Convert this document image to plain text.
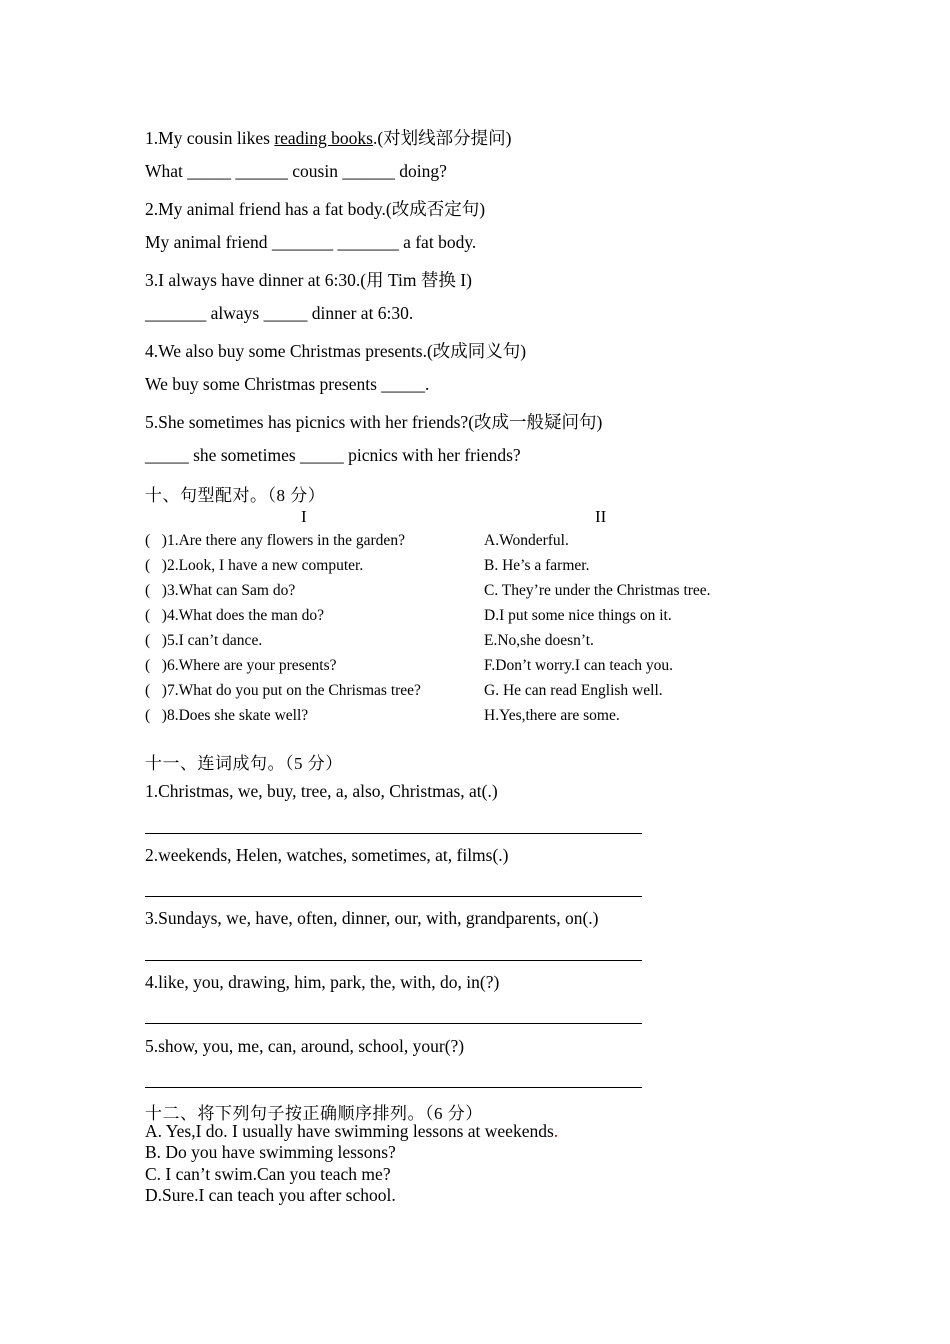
1.My cousin likes reading books.(对划线部分提问)
What _____ ______ cousin ______ doing?
2.My animal friend has a fat body.(改成否定句)
My animal friend _______ _______ a fat body.
3.I always have dinner at 6:30.(用 Tim 替换 I)
_______ always _____ dinner at 6:30.
4.We also buy some Christmas presents.(改成同义句)
We buy some Christmas presents _____.
5.She sometimes has picnics with her friends?(改成一般疑问句)
_____ she sometimes _____ picnics with her friends?
十、句型配对。（8 分）
I	II
(   )1.Are there any flowers in the garden?
(   )2.Look, I have a new computer.
(   )3.What can Sam do?
(   )4.What does the man do?
(   )5.I can’t dance.
(   )6.Where are your presents?
(   )7.What do you put on the Chrismas tree?
(   )8.Does she skate well?
A.Wonderful.
B. He’s a farmer.
C. They’re under the Christmas tree.
D.I put some nice things on it.
E.No,she doesn’t.
F.Don’t worry.I can teach you.
G. He can read English well.
H.Yes,there are some.
十一、连词成句。（5 分）
1.Christmas, we, buy, tree, a, also, Christmas, at(.)
2.weekends, Helen, watches, sometimes, at, films(.)
3.Sundays, we, have, often, dinner, our, with, grandparents, on(.)
4.like, you, drawing, him, park, the, with, do, in(?)
5.show, you, me, can, around, school, your(?)
十二、将下列句子按正确顺序排列。（6 分）
A. Yes,I do. I usually have swimming lessons at weekends.
B. Do you have swimming lessons?
C. I can’t swim.Can you teach me?
D.Sure.I can teach you after school.
